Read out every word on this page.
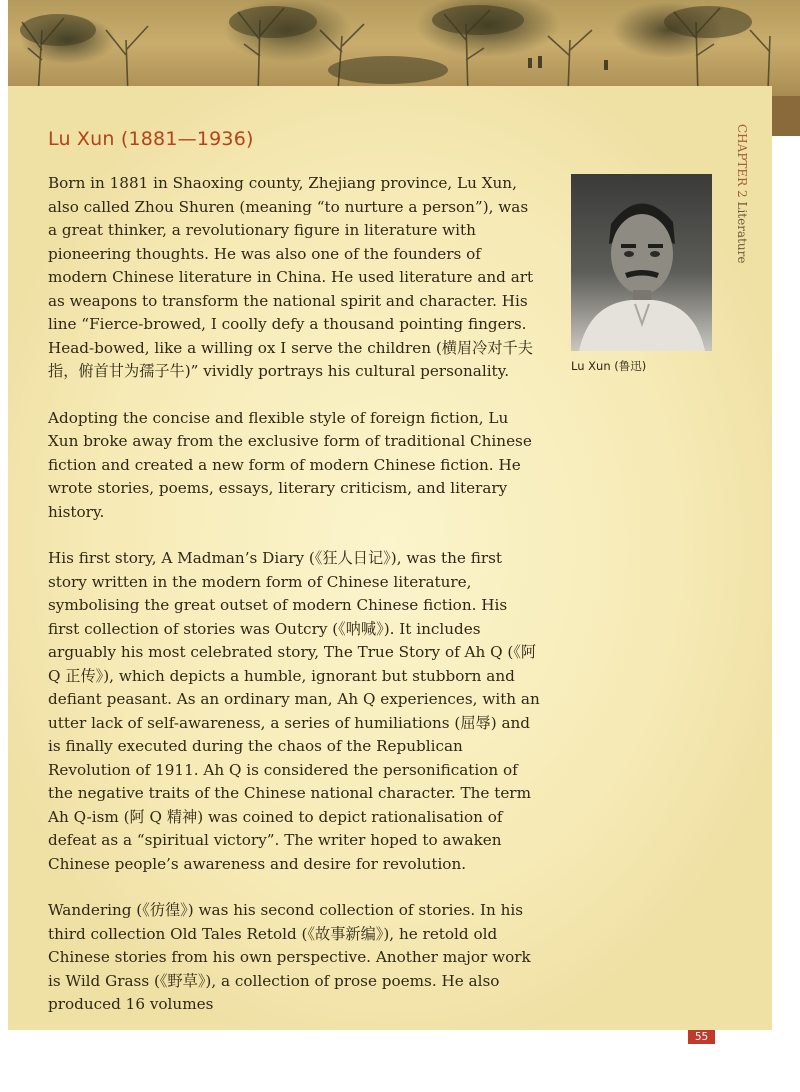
CHAPTER 2 Literature
Lu Xun (1881—1936)

Born in 1881 in Shaoxing county, Zhejiang province, Lu Xun, also called Zhou Shuren (meaning “to nurture a person”), was a great thinker, a revolutionary figure in literature with pioneering thoughts. He was also one of the founders of modern Chinese literature in China. He used literature and art as weapons to transform the national spirit and character. His line “Fierce-browed, I coolly defy a thousand pointing fingers. Head-bowed, like a willing ox I serve the children (横眉冷对千夫指，俯首甘为孺子牛)” vividly portrays his cultural personality.

Adopting the concise and flexible style of foreign fiction, Lu Xun broke away from the exclusive form of traditional Chinese fiction and created a new form of modern Chinese fiction. He wrote stories, poems, essays, literary criticism, and literary history.

His first story, A Madman’s Diary (《狂人日记》), was the first story written in the modern form of Chinese literature, symbolising the great outset of modern Chinese fiction. His first collection of stories was Outcry (《呐喊》). It includes arguably his most celebrated story, The True Story of Ah Q (《阿 Q 正传》), which depicts a humble, ignorant but stubborn and defiant peasant. As an ordinary man, Ah Q experiences, with an utter lack of self-awareness, a series of humiliations (屈辱) and is finally executed during the chaos of the Republican Revolution of 1911. Ah Q is considered the personification of the negative traits of the Chinese national character. The term Ah Q-ism (阿 Q 精神) was coined to depict rationalisation of defeat as a “spiritual victory”. The writer hoped to awaken Chinese people’s awareness and desire for revolution.

Wandering (《彷徨》) was his second collection of stories. In his third collection Old Tales Retold (《故事新编》), he retold old Chinese stories from his own perspective. Another major work is Wild Grass (《野草》), a collection of prose poems. He also produced 16 volumes

Lu Xun (鲁迅)

55
